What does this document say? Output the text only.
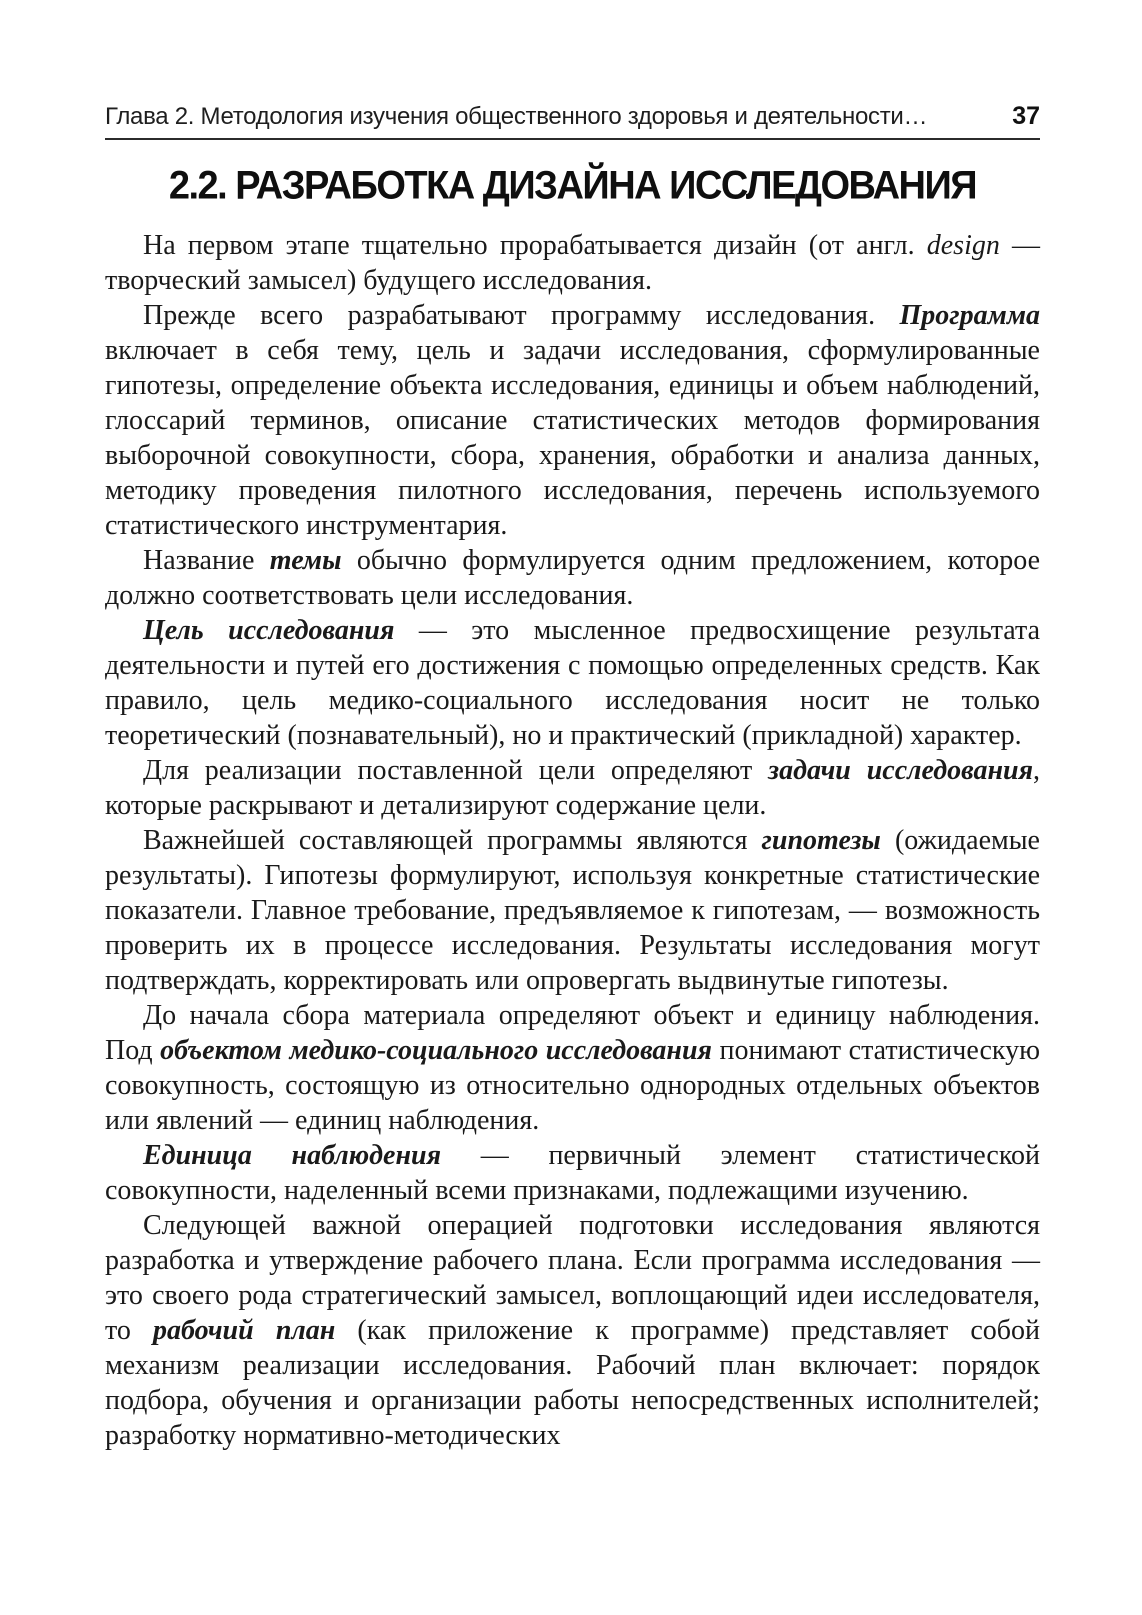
Глава 2. Методология изучения общественного здоровья и деятельности…	37
2.2. РАЗРАБОТКА ДИЗАЙНА ИССЛЕДОВАНИЯ

На первом этапе тщательно прорабатывается дизайн (от англ. design — творческий замысел) будущего исследования.

Прежде всего разрабатывают программу исследования. Программа включает в себя тему, цель и задачи исследования, сформулированные гипотезы, определение объекта исследования, единицы и объем наблюдений, глоссарий терминов, описание статистических методов формирования выборочной совокупности, сбора, хранения, обработки и анализа данных, методику проведения пилотного исследования, перечень используемого статистического инструментария.

Название темы обычно формулируется одним предложением, которое должно соответствовать цели исследования.

Цель исследования — это мысленное предвосхищение результата деятельности и путей его достижения с помощью определенных средств. Как правило, цель медико-социального исследования носит не только теоретический (познавательный), но и практический (прикладной) характер.

Для реализации поставленной цели определяют задачи исследования, которые раскрывают и детализируют содержание цели.

Важнейшей составляющей программы являются гипотезы (ожидаемые результаты). Гипотезы формулируют, используя конкретные статистические показатели. Главное требование, предъявляемое к гипотезам, — возможность проверить их в процессе исследования. Результаты исследования могут подтверждать, корректировать или опровергать выдвинутые гипотезы.

До начала сбора материала определяют объект и единицу наблюдения. Под объектом медико-социального исследования понимают статистическую совокупность, состоящую из относительно однородных отдельных объектов или явлений — единиц наблюдения.

Единица наблюдения — первичный элемент статистической совокупности, наделенный всеми признаками, подлежащими изучению.

Следующей важной операцией подготовки исследования являются разработка и утверждение рабочего плана. Если программа исследования — это своего рода стратегический замысел, воплощающий идеи исследователя, то рабочий план (как приложение к программе) представляет собой механизм реализации исследования. Рабочий план включает: порядок подбора, обучения и организации работы непосредственных исполнителей; разработку нормативно-методических
